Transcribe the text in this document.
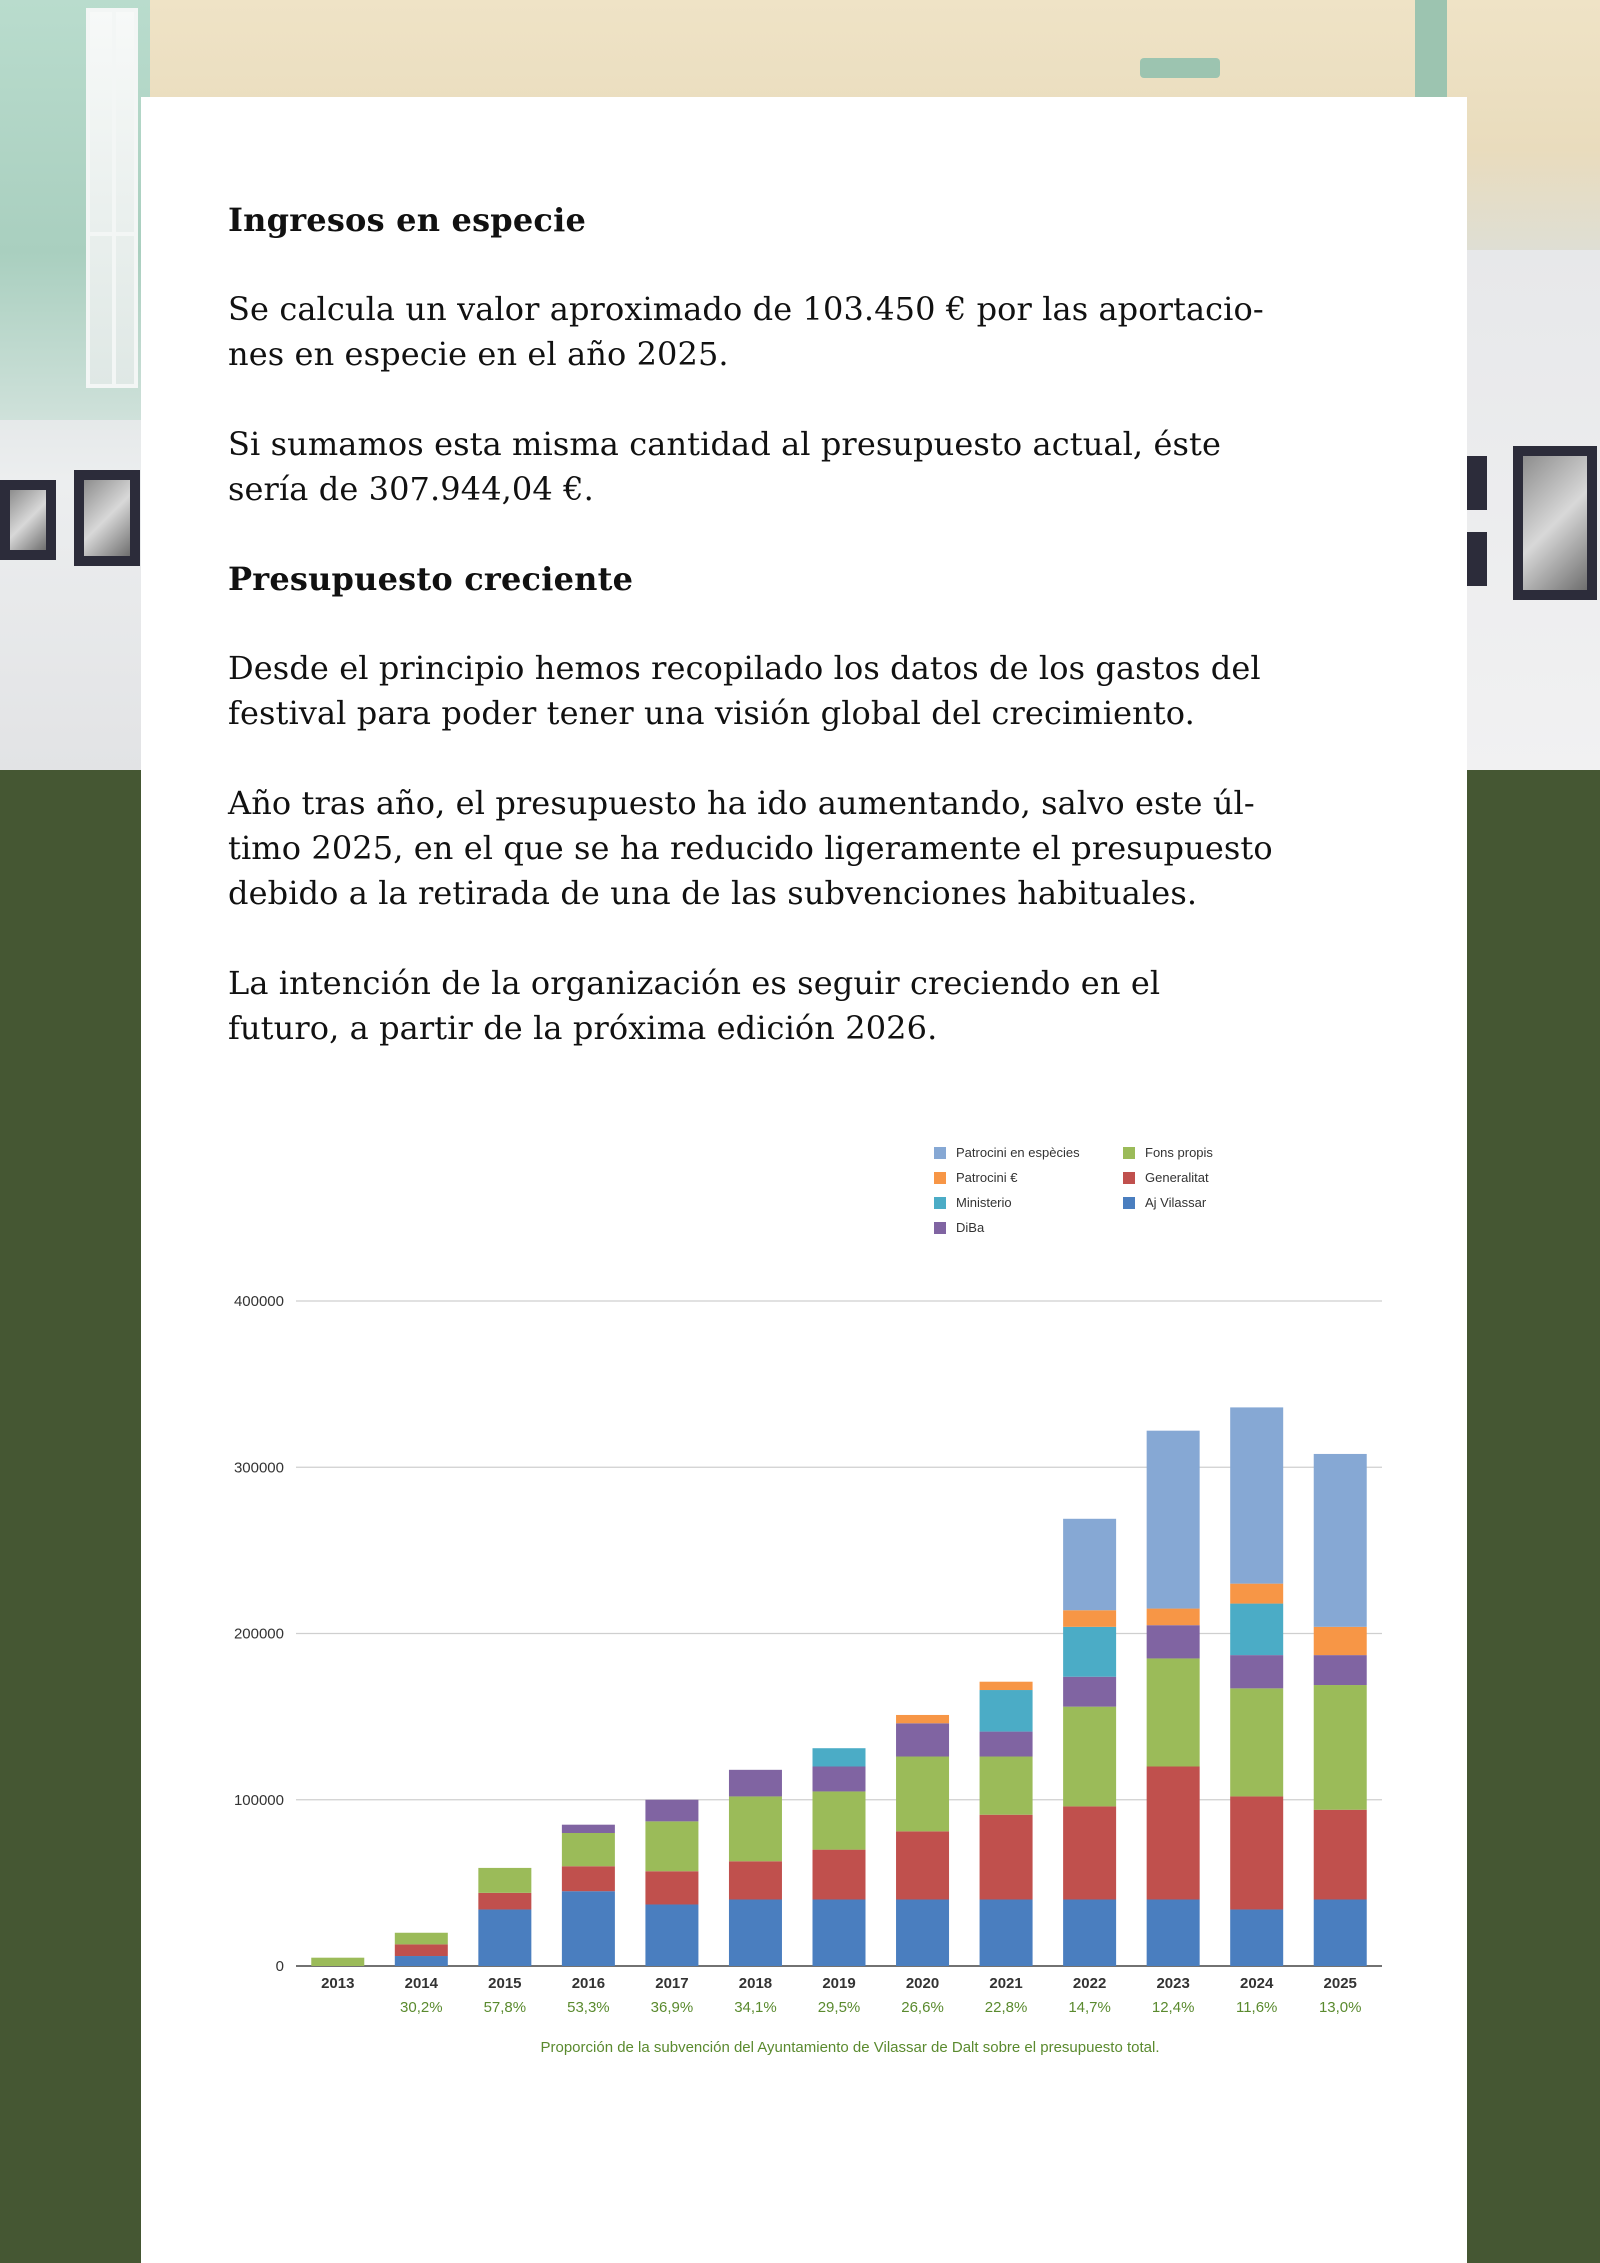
Ingresos en especie

Se calcula un valor aproximado de 103.450 € por las aportacio-

nes en especie en el año 2025.

Si sumamos esta misma cantidad al presupuesto actual, éste

sería de 307.944,04 €.

Presupuesto creciente

Desde el principio hemos recopilado los datos de los gastos del

festival para poder tener una visión global del crecimiento.

Año tras año, el presupuesto ha ido aumentando, salvo este úl-

timo 2025, en el que se ha reducido ligeramente el presupuesto

debido a la retirada de una de las subvenciones habituales.

La intención de la organización es seguir creciendo en el

futuro, a partir de la próxima edición 2026.

Patrocini en espècies	Fons propis
Patrocini €	Generalitat
Ministerio	Aj Vilassar
DiBa
0
100000
200000
300000
400000
2013	2014
30,2%
2015
57,8%
2016
53,3%
2017
36,9%
2018
34,1%
2019
29,5%
2020
26,6%
2021
22,8%
2022
14,7%
2023
12,4%
2024
11,6%
2025
13,0%
Proporción de la subvención del Ayuntamiento de Vilassar de Dalt sobre el presupuesto total.
